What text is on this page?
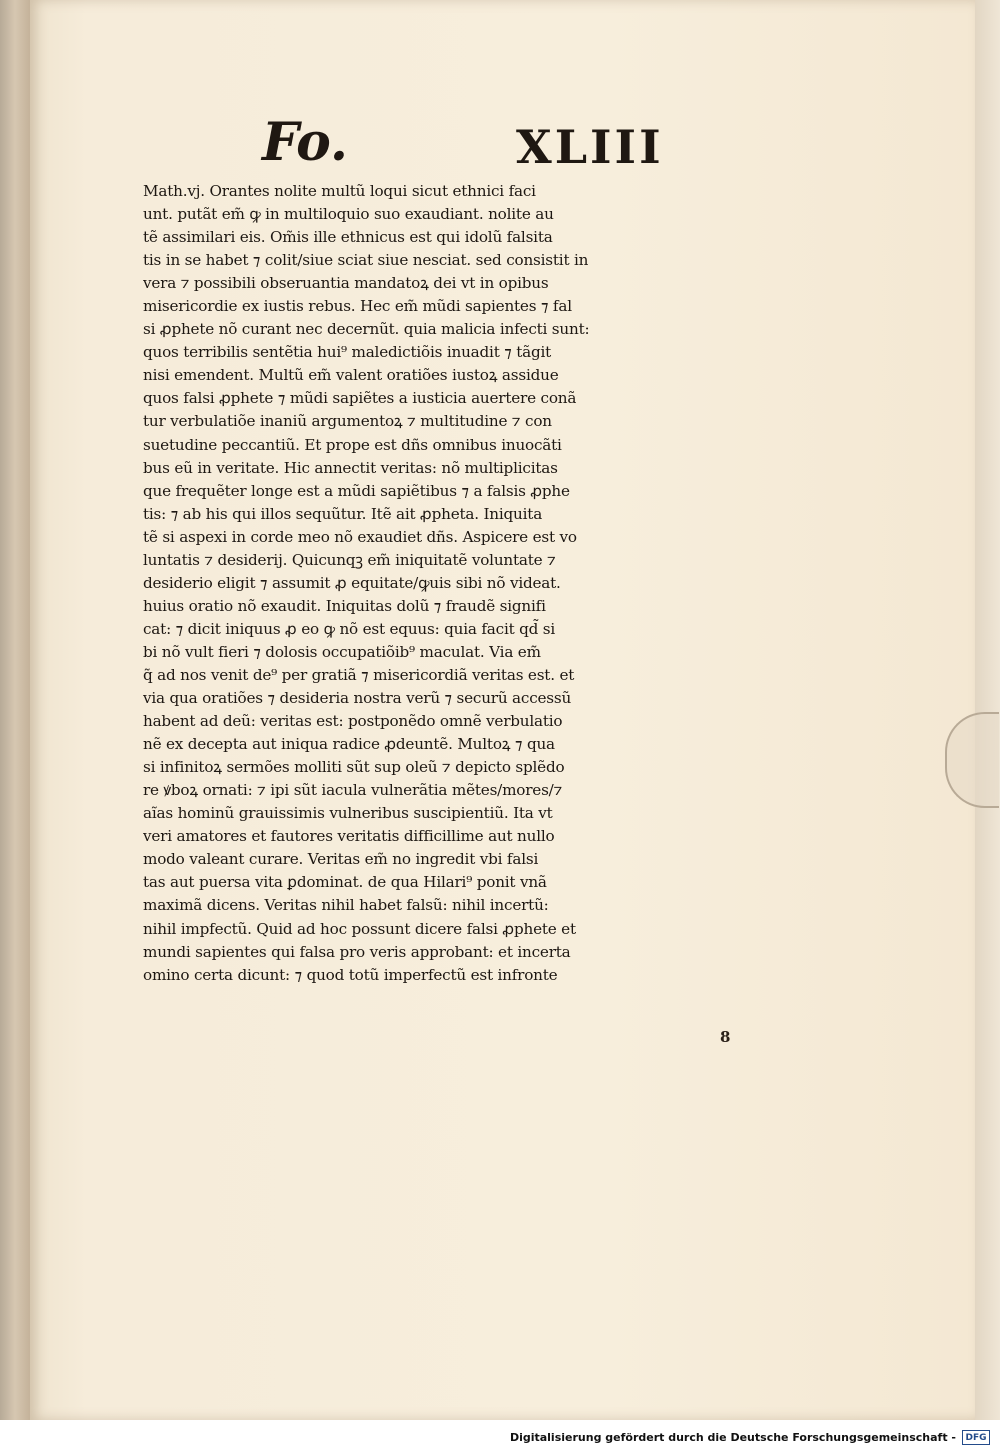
Fo.	XLIII
Math.vj. Orantes nolite multũ loqui sicut ethnici faci
unt. putãt em̃ ꝙ in multiloquio suo exaudiant. nolite au
tẽ assimilari eis. Om̃is ille ethnicus est qui idolũ falsita
tis in se habet ⁊ colit/siue sciat siue nesciat. sed consistit in
vera ⁊ possibili obseruantia mandatoꝝ dei vt in opibus
misericordie ex iustis rebus. Hec em̃ mũdi sapientes ⁊ fal
si ꝓphete nõ curant nec decernũt. quia malicia infecti sunt:
quos terribilis sentẽtia hui⁹ maledictiõis inuadit ⁊ tãgit
nisi emendent. Multũ em̃ valent oratiões iustoꝝ assidue
quos falsi ꝓphete ⁊ mũdi sapiẽtes a iusticia auertere conã
tur verbulatiõe inaniũ argumentoꝝ ⁊ multitudine ⁊ con
suetudine peccantiũ. Et prope est dñs omnibus inuocãti
bus eũ in veritate. Hic annectit veritas: nõ multiplicitas
que frequẽter longe est a mũdi sapiẽtibus ⁊ a falsis ꝓphe
tis: ⁊ ab his qui illos sequũtur. Itẽ ait ꝓpheta. Iniquita
tẽ si aspexi in corde meo nõ exaudiet dñs. Aspicere est vo
luntatis ⁊ desiderij. Quicunqꝫ em̃ iniquitatẽ voluntate ⁊
desiderio eligit ⁊ assumit ꝓ equitate/ꝙuis sibi nõ videat.
huius oratio nõ exaudit. Iniquitas dolũ ⁊ fraudẽ signifi
cat: ⁊ dicit iniquus ꝓ eo ꝙ nõ est equus: quia facit qd̃ si
bi nõ vult fieri ⁊ dolosis occupatiõib⁹ maculat. Via em̃
q̃ ad nos venit de⁹ per gratiã ⁊ misericordiã veritas est. et
via qua oratiões ⁊ desideria nostra verũ ⁊ securũ accessũ
habent ad deũ: veritas est: postponẽdo omnẽ verbulatio
nẽ ex decepta aut iniqua radice ꝓdeuntẽ. Multoꝝ ⁊ qua
si infinitoꝝ sermões molliti sũt sup oleũ ⁊ depicto splẽdo
re ꝟboꝝ ornati: ⁊ ipi sũt iacula vulnerãtia mẽtes/mores/⁊
aĩas hominũ grauissimis vulneribus suscipientiũ. Ita vt
veri amatores et fautores veritatis difficillime aut nullo
modo valeant curare. Veritas em̃ no ingredit vbi falsi
tas aut puersa vita ꝑdominat. de qua Hilari⁹ ponit vnã
maximã dicens. Veritas nihil habet falsũ: nihil incertũ:
nihil impfectũ. Quid ad hoc possunt dicere falsi ꝓphete et
mundi sapientes qui falsa pro veris approbant: et incerta
omino certa dicunt: ⁊ quod totũ imperfectũ est infronte
8
Digitalisierung gefördert durch die Deutsche Forschungsgemeinschaft -	DFG
